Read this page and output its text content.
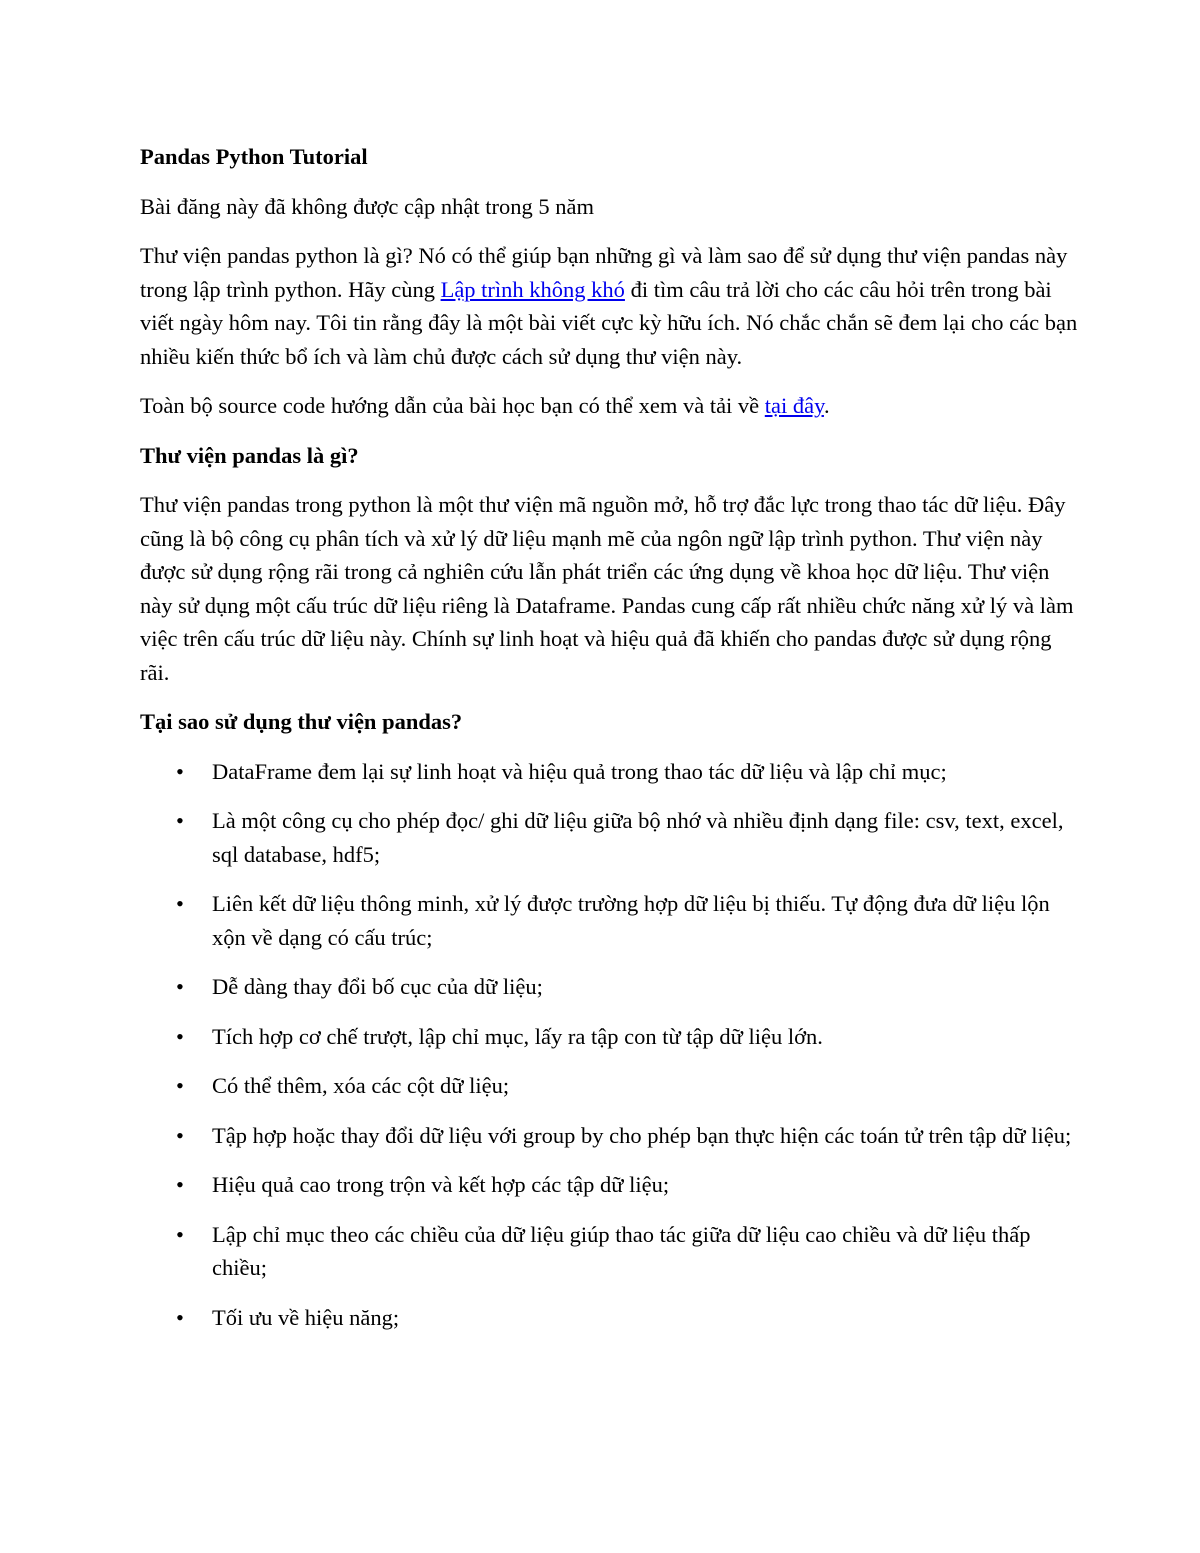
Pandas Python Tutorial

Bài đăng này đã không được cập nhật trong 5 năm

Thư viện pandas python là gì? Nó có thể giúp bạn những gì và làm sao để sử dụng thư viện pandas này trong lập trình python. Hãy cùng Lập trình không khó đi tìm câu trả lời cho các câu hỏi trên trong bài viết ngày hôm nay. Tôi tin rằng đây là một bài viết cực kỳ hữu ích. Nó chắc chắn sẽ đem lại cho các bạn nhiều kiến thức bổ ích và làm chủ được cách sử dụng thư viện này.

Toàn bộ source code hướng dẫn của bài học bạn có thể xem và tải về tại đây.

Thư viện pandas là gì?

Thư viện pandas trong python là một thư viện mã nguồn mở, hỗ trợ đắc lực trong thao tác dữ liệu. Đây cũng là bộ công cụ phân tích và xử lý dữ liệu mạnh mẽ của ngôn ngữ lập trình python. Thư viện này được sử dụng rộng rãi trong cả nghiên cứu lẫn phát triển các ứng dụng về khoa học dữ liệu. Thư viện này sử dụng một cấu trúc dữ liệu riêng là Dataframe. Pandas cung cấp rất nhiều chức năng xử lý và làm việc trên cấu trúc dữ liệu này. Chính sự linh hoạt và hiệu quả đã khiến cho pandas được sử dụng rộng rãi.

Tại sao sử dụng thư viện pandas?

•	DataFrame đem lại sự linh hoạt và hiệu quả trong thao tác dữ liệu và lập chỉ mục;
•	Là một công cụ cho phép đọc/ ghi dữ liệu giữa bộ nhớ và nhiều định dạng file: csv, text, excel, sql database, hdf5;
•	Liên kết dữ liệu thông minh, xử lý được trường hợp dữ liệu bị thiếu. Tự động đưa dữ liệu lộn xộn về dạng có cấu trúc;
•	Dễ dàng thay đổi bố cục của dữ liệu;
•	Tích hợp cơ chế trượt, lập chỉ mục, lấy ra tập con từ tập dữ liệu lớn.
•	Có thể thêm, xóa các cột dữ liệu;
•	Tập hợp hoặc thay đổi dữ liệu với group by cho phép bạn thực hiện các toán tử trên tập dữ liệu;
•	Hiệu quả cao trong trộn và kết hợp các tập dữ liệu;
•	Lập chỉ mục theo các chiều của dữ liệu giúp thao tác giữa dữ liệu cao chiều và dữ liệu thấp chiều;
•	Tối ưu về hiệu năng;
